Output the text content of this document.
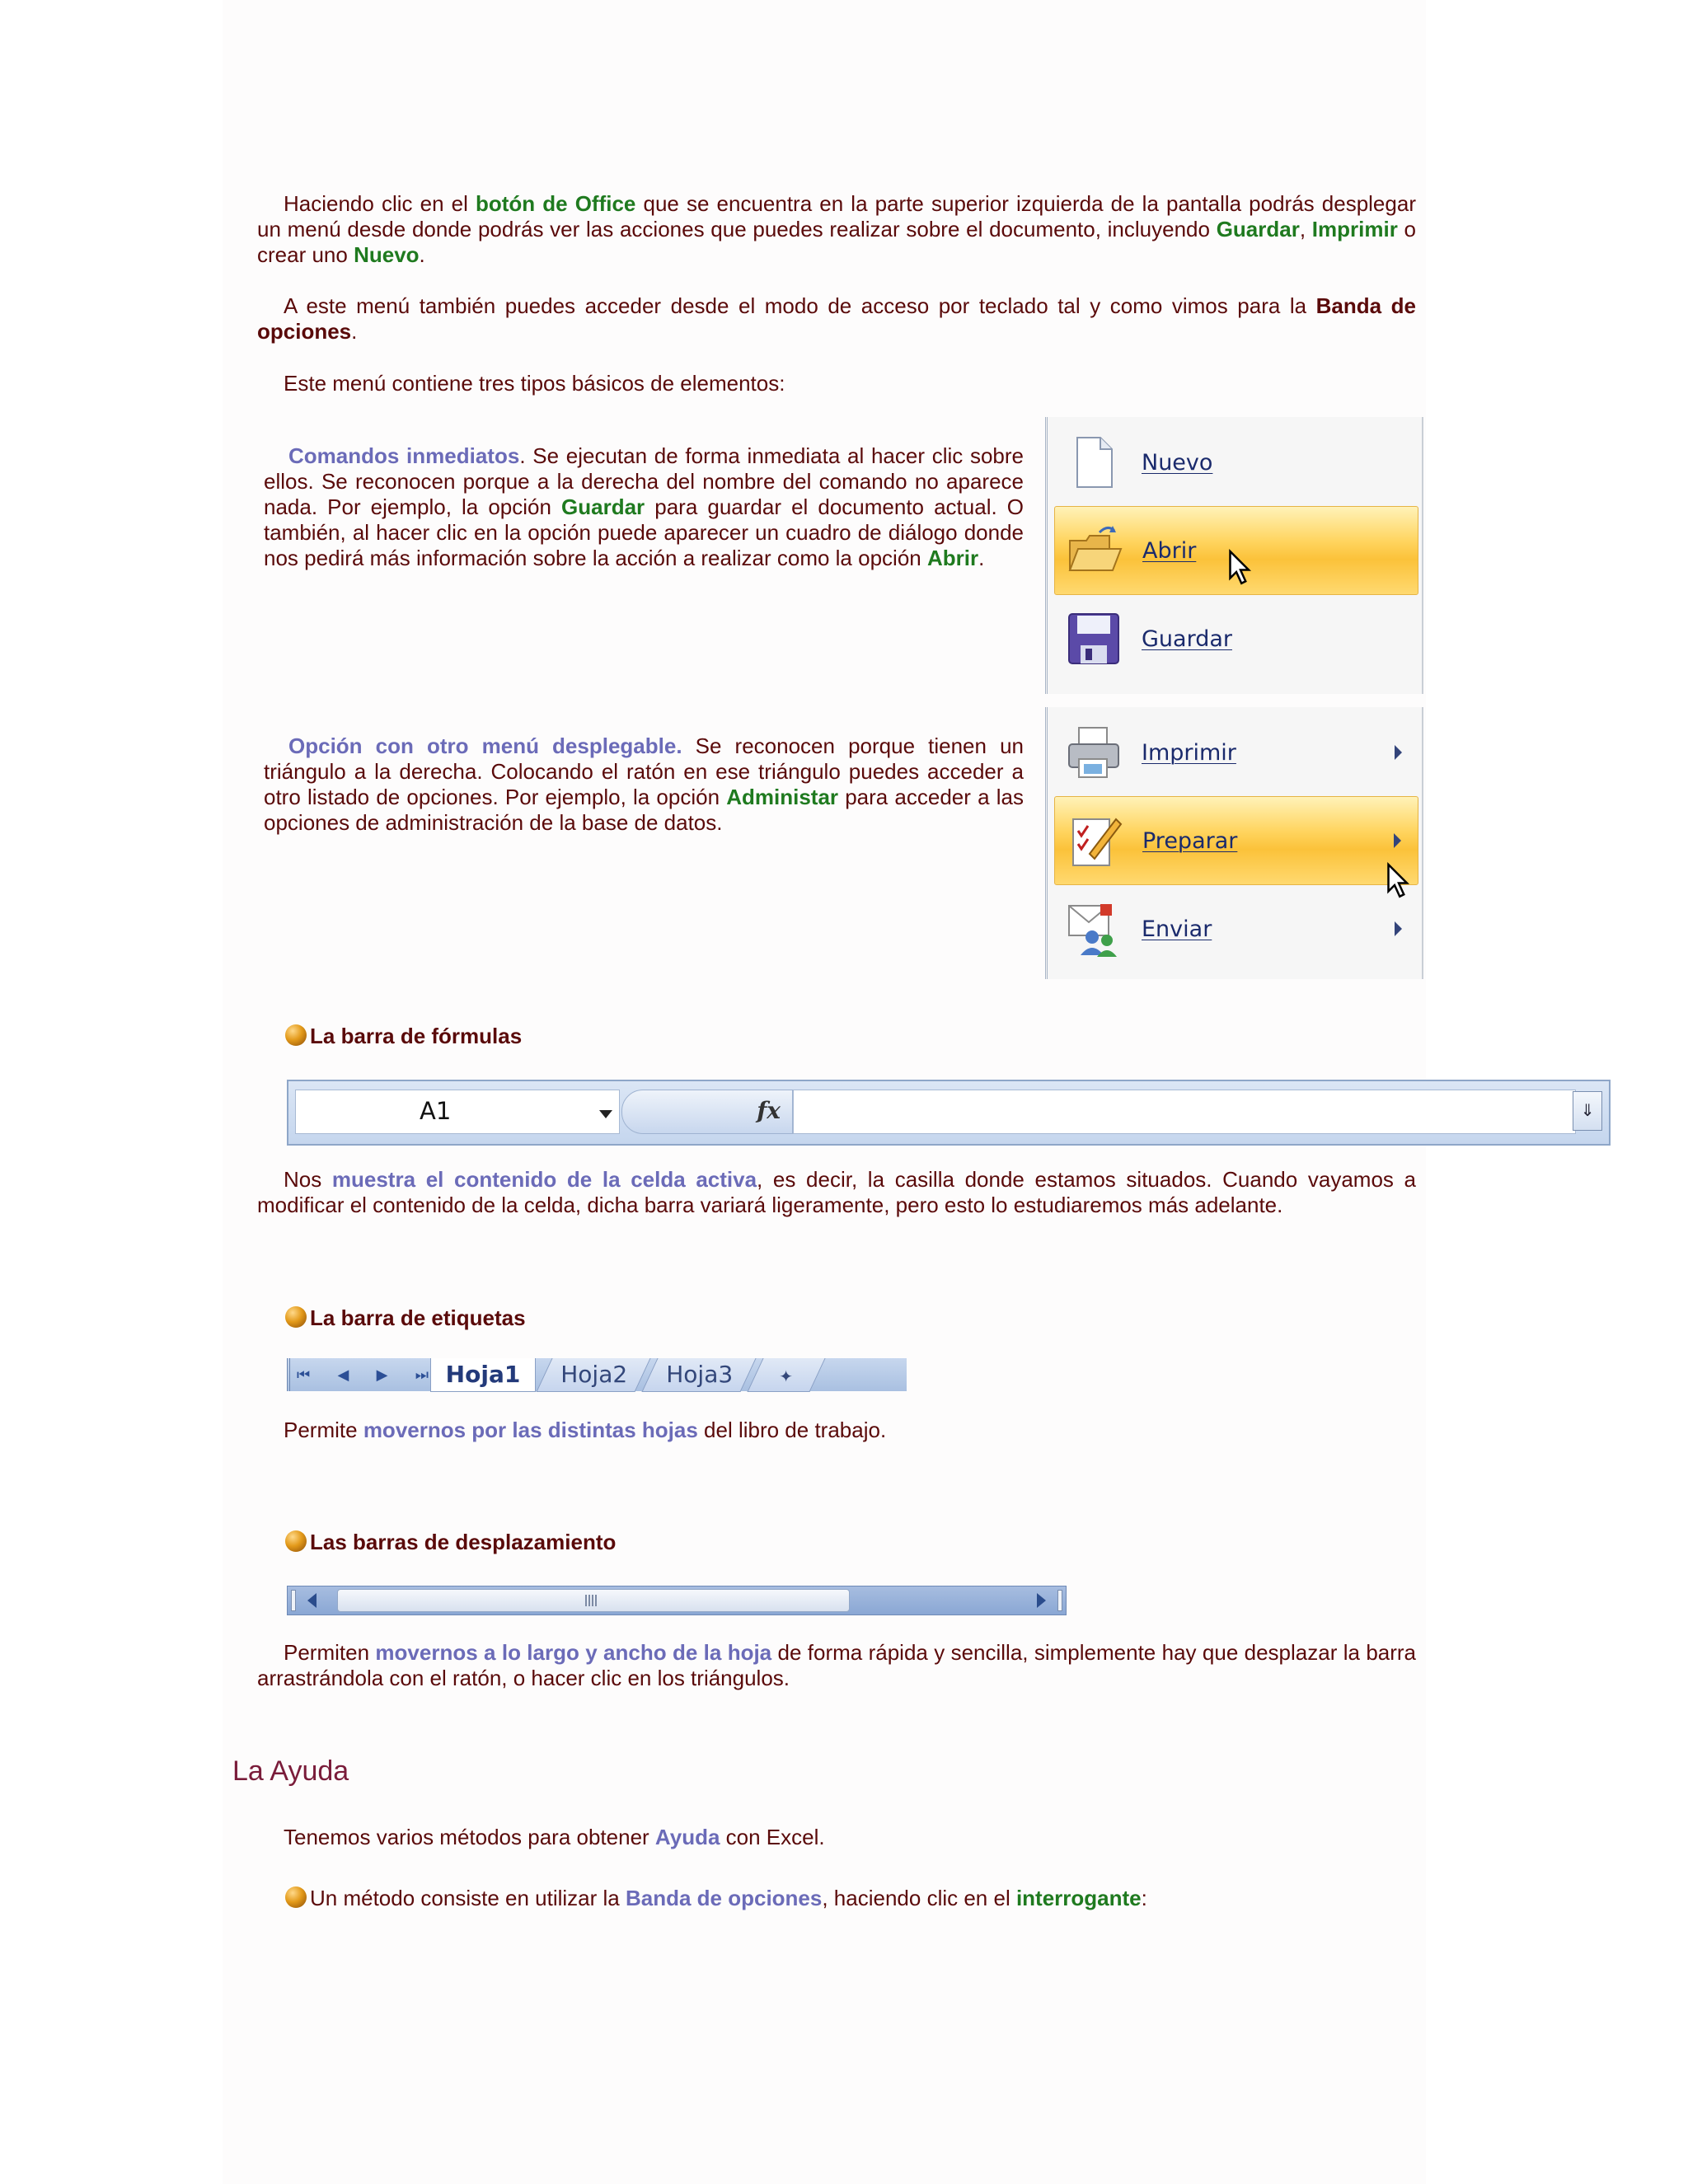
Haciendo clic en el botón de Office que se encuentra en la parte superior izquierda de la pantalla podrás desplegar un menú desde donde podrás ver las acciones que puedes realizar sobre el documento, incluyendo Guardar, Imprimir o crear uno Nuevo.
A este menú también puedes acceder desde el modo de acceso por teclado tal y como vimos para la Banda de opciones.
Este menú contiene tres tipos básicos de elementos:
Comandos inmediatos. Se ejecutan de forma inmediata al hacer clic sobre ellos. Se reconocen porque a la derecha del nombre del comando no aparece nada. Por ejemplo, la opción Guardar para guardar el documento actual. O también, al hacer clic en la opción puede aparecer un cuadro de diálogo donde nos pedirá más información sobre la acción a realizar como la opción Abrir.
Nuevo
Abrir
Guardar
Opción con otro menú desplegable. Se reconocen porque tienen un triángulo a la derecha. Colocando el ratón en ese triángulo puedes acceder a otro listado de opciones. Por ejemplo, la opción Administar para acceder a las opciones de administración de la base de datos.
Imprimir
Preparar
Enviar
La barra de fórmulas
A1	fx	⇓
Nos muestra el contenido de la celda activa, es decir, la casilla donde estamos situados. Cuando vayamos a modificar el contenido de la celda, dicha barra variará ligeramente, pero esto lo estudiaremos más adelante.
La barra de etiquetas
⏮ ◀ ▶ ⏭ Hoja1	Hoja2	Hoja3	✦
Permite movernos por las distintas hojas del libro de trabajo.
Las barras de desplazamiento
Permiten movernos a lo largo y ancho de la hoja de forma rápida y sencilla, simplemente hay que desplazar la barra arrastrándola con el ratón, o hacer clic en los triángulos.
La Ayuda
Tenemos varios métodos para obtener Ayuda con Excel.
Un método consiste en utilizar la Banda de opciones, haciendo clic en el interrogante:
